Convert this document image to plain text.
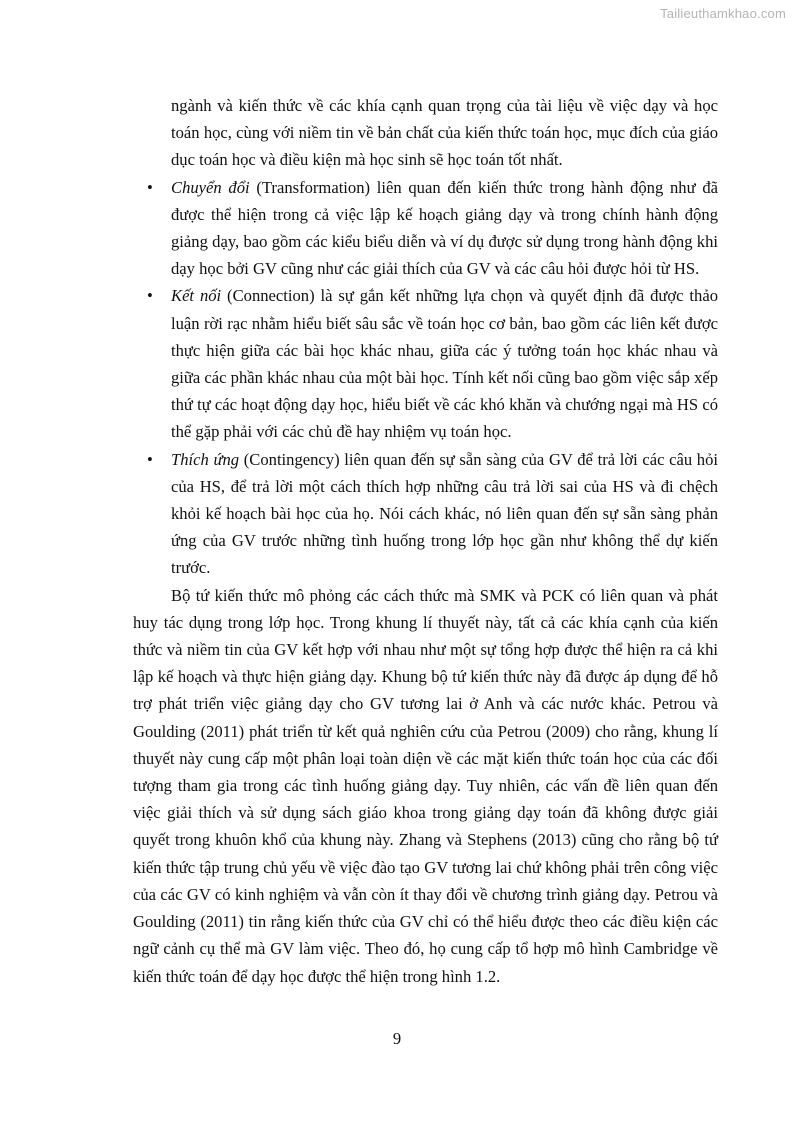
Tailieuthamkhao.com

ngành và kiến thức về các khía cạnh quan trọng của tài liệu về việc dạy và học toán học, cùng với niềm tin về bản chất của kiến thức toán học, mục đích của giáo dục toán học và điều kiện mà học sinh sẽ học toán tốt nhất.

• Chuyển đổi (Transformation) liên quan đến kiến thức trong hành động như đã được thể hiện trong cả việc lập kế hoạch giảng dạy và trong chính hành động giảng dạy, bao gồm các kiểu biểu diễn và ví dụ được sử dụng trong hành động khi dạy học bởi GV cũng như các giải thích của GV và các câu hỏi được hỏi từ HS.

• Kết nối (Connection) là sự gắn kết những lựa chọn và quyết định đã được thảo luận rời rạc nhằm hiểu biết sâu sắc về toán học cơ bản, bao gồm các liên kết được thực hiện giữa các bài học khác nhau, giữa các ý tưởng toán học khác nhau và giữa các phần khác nhau của một bài học. Tính kết nối cũng bao gồm việc sắp xếp thứ tự các hoạt động dạy học, hiểu biết về các khó khăn và chướng ngại mà HS có thể gặp phải với các chủ đề hay nhiệm vụ toán học.

• Thích ứng (Contingency) liên quan đến sự sẵn sàng của GV để trả lời các câu hỏi của HS, để trả lời một cách thích hợp những câu trả lời sai của HS và đi chệch khỏi kế hoạch bài học của họ. Nói cách khác, nó liên quan đến sự sẵn sàng phản ứng của GV trước những tình huống trong lớp học gần như không thể dự kiến trước.

Bộ tứ kiến thức mô phỏng các cách thức mà SMK và PCK có liên quan và phát huy tác dụng trong lớp học. Trong khung lí thuyết này, tất cả các khía cạnh của kiến thức và niềm tin của GV kết hợp với nhau như một sự tổng hợp được thể hiện ra cả khi lập kế hoạch và thực hiện giảng dạy. Khung bộ tứ kiến thức này đã được áp dụng để hỗ trợ phát triển việc giảng dạy cho GV tương lai ở Anh và các nước khác. Petrou và Goulding (2011) phát triển từ kết quả nghiên cứu của Petrou (2009) cho rằng, khung lí thuyết này cung cấp một phân loại toàn diện về các mặt kiến thức toán học của các đối tượng tham gia trong các tình huống giảng dạy. Tuy nhiên, các vấn đề liên quan đến việc giải thích và sử dụng sách giáo khoa trong giảng dạy toán đã không được giải quyết trong khuôn khổ của khung này. Zhang và Stephens (2013) cũng cho rằng bộ tứ kiến thức tập trung chủ yếu về việc đào tạo GV tương lai chứ không phải trên công việc của các GV có kinh nghiệm và vẫn còn ít thay đổi về chương trình giảng dạy. Petrou và Goulding (2011) tin rằng kiến thức của GV chỉ có thể hiểu được theo các điều kiện các ngữ cảnh cụ thể mà GV làm việc. Theo đó, họ cung cấp tổ hợp mô hình Cambridge về kiến thức toán để dạy học được thể hiện trong hình 1.2.

9
